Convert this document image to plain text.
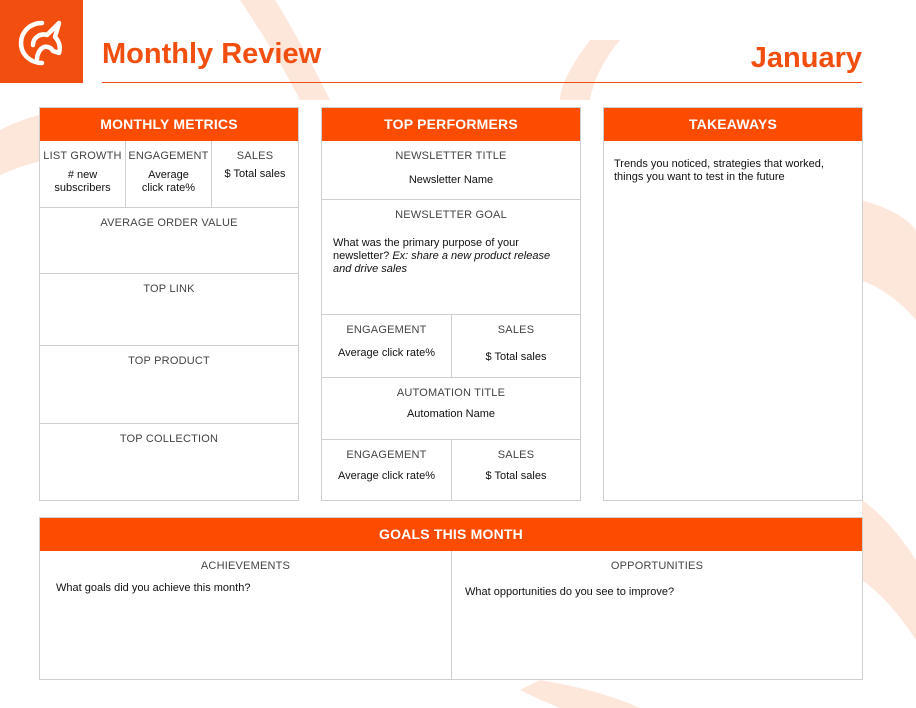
Monthly Review	January
MONTHLY METRICS
LIST GROWTH
# new subscribers
ENGAGEMENT
Average click rate%
SALES
$ Total sales
AVERAGE ORDER VALUE
TOP LINK
TOP PRODUCT
TOP COLLECTION
TOP PERFORMERS
NEWSLETTER TITLE
Newsletter Name
NEWSLETTER GOAL
What was the primary purpose of your newsletter? Ex: share a new product release and drive sales
ENGAGEMENT
Average click rate%
SALES
$ Total sales
AUTOMATION TITLE
Automation Name
ENGAGEMENT
Average click rate%
SALES
$ Total sales
TAKEAWAYS
Trends you noticed, strategies that worked, things you want to test in the future
GOALS THIS MONTH
ACHIEVEMENTS
What goals did you achieve this month?
OPPORTUNITIES
What opportunities do you see to improve?
